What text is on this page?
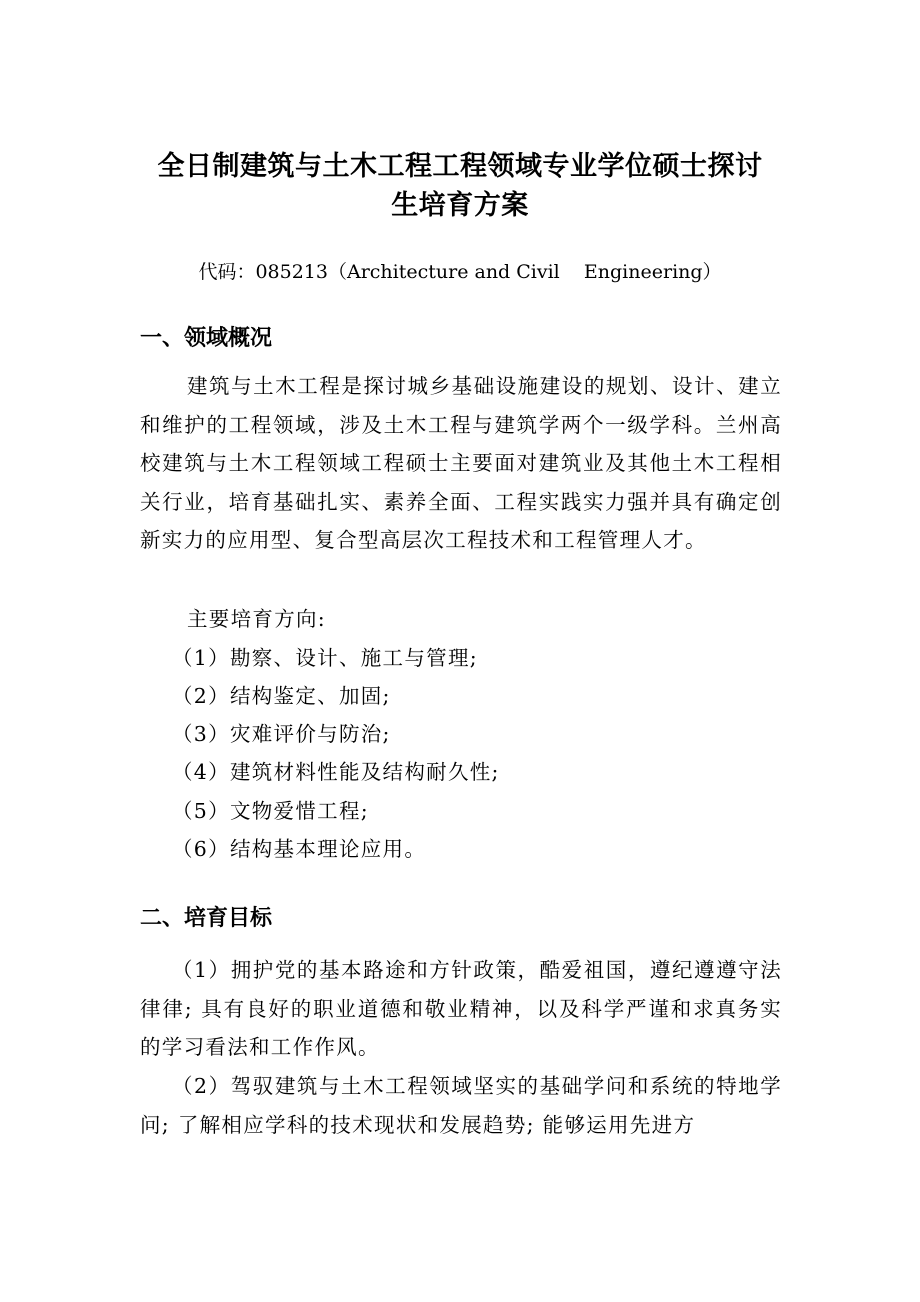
全日制建筑与土木工程工程领域专业学位硕士探讨
生培育方案
代码：085213（Architecture and Civil    Engineering）
一、领域概况

建筑与土木工程是探讨城乡基础设施建设的规划、设计、建立和维护的工程领域，涉及土木工程与建筑学两个一级学科。兰州高校建筑与土木工程领域工程硕士主要面对建筑业及其他土木工程相关行业，培育基础扎实、素养全面、工程实践实力强并具有确定创新实力的应用型、复合型高层次工程技术和工程管理人才。

主要培育方向:
（1）勘察、设计、施工与管理;
（2）结构鉴定、加固;
（3）灾难评价与防治;
（4）建筑材料性能及结构耐久性;
（5）文物爱惜工程;
（6）结构基本理论应用。
二、培育目标

（1）拥护党的基本路途和方针政策，酷爱祖国，遵纪遵遵守法律律; 具有良好的职业道德和敬业精神，以及科学严谨和求真务实的学习看法和工作作风。

（2）驾驭建筑与土木工程领域坚实的基础学问和系统的特地学问; 了解相应学科的技术现状和发展趋势; 能够运用先进方
